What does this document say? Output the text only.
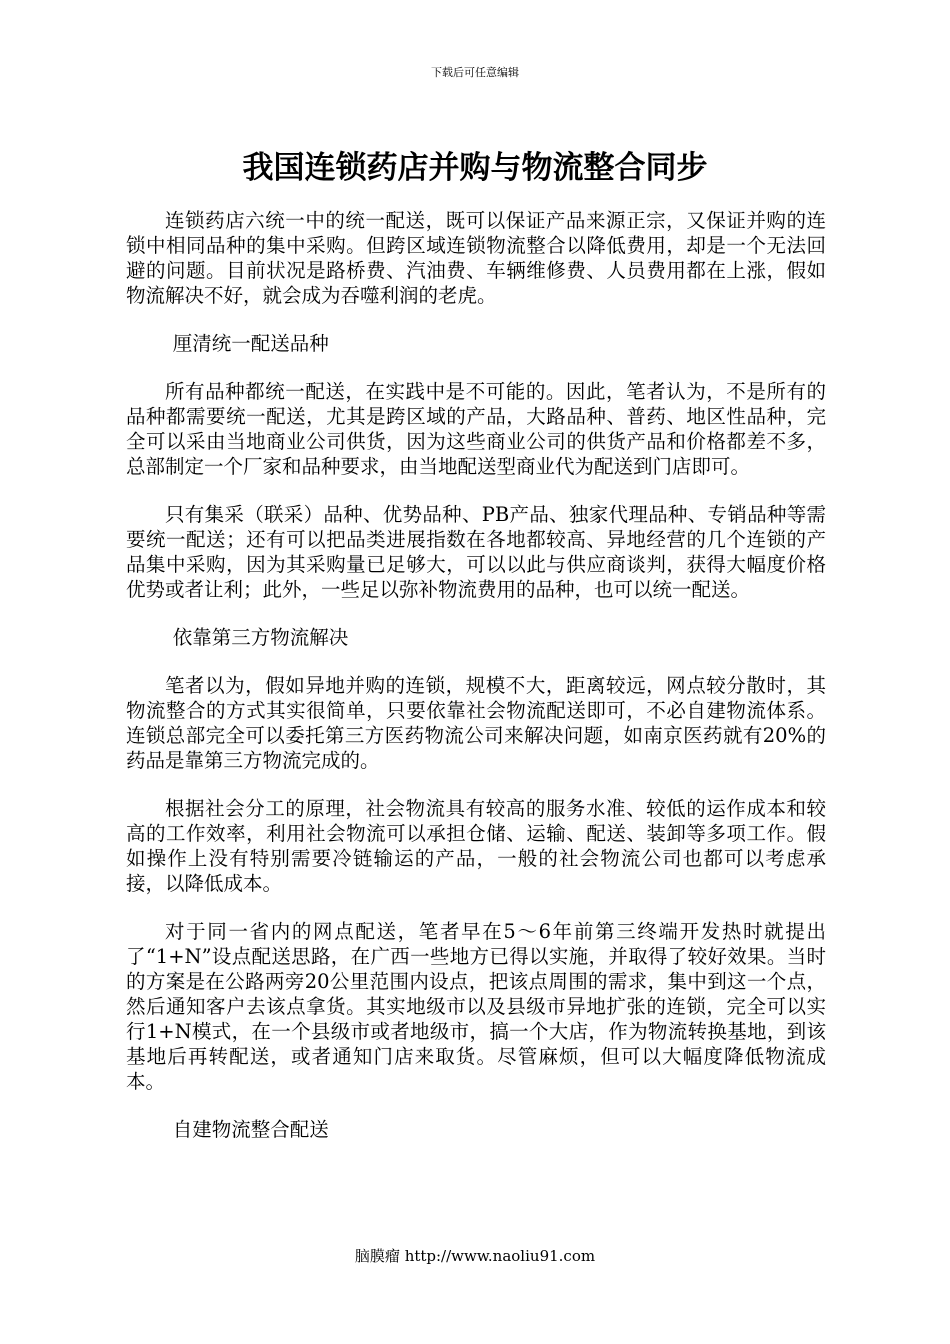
下载后可任意编辑
我国连锁药店并购与物流整合同步

连锁药店六统一中的统一配送，既可以保证产品来源正宗，又保证并购的连锁中相同品种的集中采购。但跨区域连锁物流整合以降低费用，却是一个无法回避的问题。目前状况是路桥费、汽油费、车辆维修费、人员费用都在上涨，假如物流解决不好，就会成为吞噬利润的老虎。

厘清统一配送品种

所有品种都统一配送，在实践中是不可能的。因此，笔者认为，不是所有的品种都需要统一配送，尤其是跨区域的产品，大路品种、普药、地区性品种，完全可以采由当地商业公司供货，因为这些商业公司的供货产品和价格都差不多，总部制定一个厂家和品种要求，由当地配送型商业代为配送到门店即可。

只有集采（联采）品种、优势品种、PB产品、独家代理品种、专销品种等需要统一配送；还有可以把品类进展指数在各地都较高、异地经营的几个连锁的产品集中采购，因为其采购量已足够大，可以以此与供应商谈判，获得大幅度价格优势或者让利；此外，一些足以弥补物流费用的品种，也可以统一配送。

依靠第三方物流解决

笔者以为，假如异地并购的连锁，规模不大，距离较远，网点较分散时，其物流整合的方式其实很简单，只要依靠社会物流配送即可，不必自建物流体系。连锁总部完全可以委托第三方医药物流公司来解决问题，如南京医药就有20%的药品是靠第三方物流完成的。

根据社会分工的原理，社会物流具有较高的服务水准、较低的运作成本和较高的工作效率，利用社会物流可以承担仓储、运输、配送、装卸等多项工作。假如操作上没有特别需要冷链输运的产品，一般的社会物流公司也都可以考虑承接，以降低成本。

对于同一省内的网点配送，笔者早在5～6年前第三终端开发热时就提出了“1+N”设点配送思路，在广西一些地方已得以实施，并取得了较好效果。当时的方案是在公路两旁20公里范围内设点，把该点周围的需求，集中到这一个点，然后通知客户去该点拿货。其实地级市以及县级市异地扩张的连锁，完全可以实行1+N模式，在一个县级市或者地级市，搞一个大店，作为物流转换基地，到该基地后再转配送，或者通知门店来取货。尽管麻烦，但可以大幅度降低物流成本。

自建物流整合配送

脑膜瘤 http://www.naoliu91.com
